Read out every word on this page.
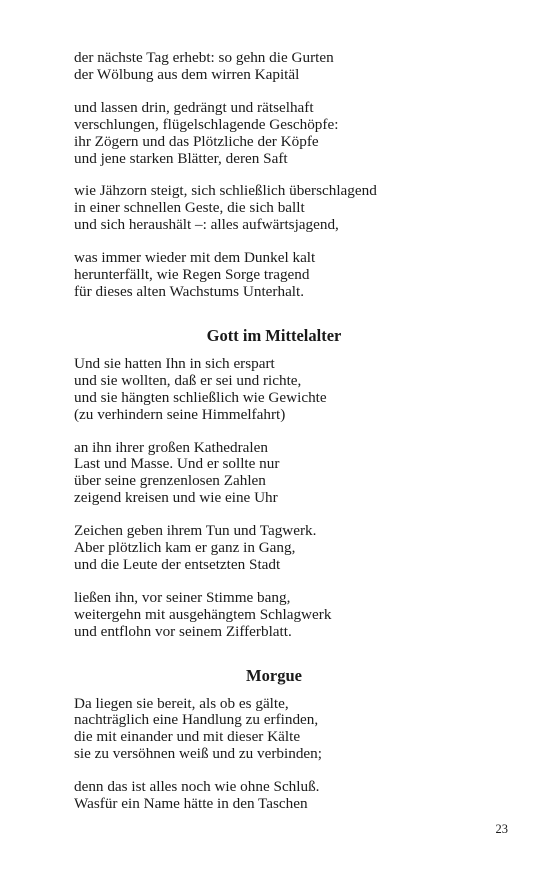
der nächste Tag erhebt: so gehn die Gurten
der Wölbung aus dem wirren Kapitäl
und lassen drin, gedrängt und rätselhaft
verschlungen, flügelschlagende Geschöpfe:
ihr Zögern und das Plötzliche der Köpfe
und jene starken Blätter, deren Saft
wie Jähzorn steigt, sich schließlich überschlagend
in einer schnellen Geste, die sich ballt
und sich heraushält –: alles aufwärtsjagend,
was immer wieder mit dem Dunkel kalt
herunterfällt, wie Regen Sorge tragend
für dieses alten Wachstums Unterhalt.
Gott im Mittelalter
Und sie hatten Ihn in sich erspart
und sie wollten, daß er sei und richte,
und sie hängten schließlich wie Gewichte
(zu verhindern seine Himmelfahrt)
an ihn ihrer großen Kathedralen
Last und Masse. Und er sollte nur
über seine grenzenlosen Zahlen
zeigend kreisen und wie eine Uhr
Zeichen geben ihrem Tun und Tagwerk.
Aber plötzlich kam er ganz in Gang,
und die Leute der entsetzten Stadt
ließen ihn, vor seiner Stimme bang,
weitergehn mit ausgehängtem Schlagwerk
und entflohn vor seinem Zifferblatt.
Morgue
Da liegen sie bereit, als ob es gälte,
nachträglich eine Handlung zu erfinden,
die mit einander und mit dieser Kälte
sie zu versöhnen weiß und zu verbinden;
denn das ist alles noch wie ohne Schluß.
Wasfür ein Name hätte in den Taschen
23
